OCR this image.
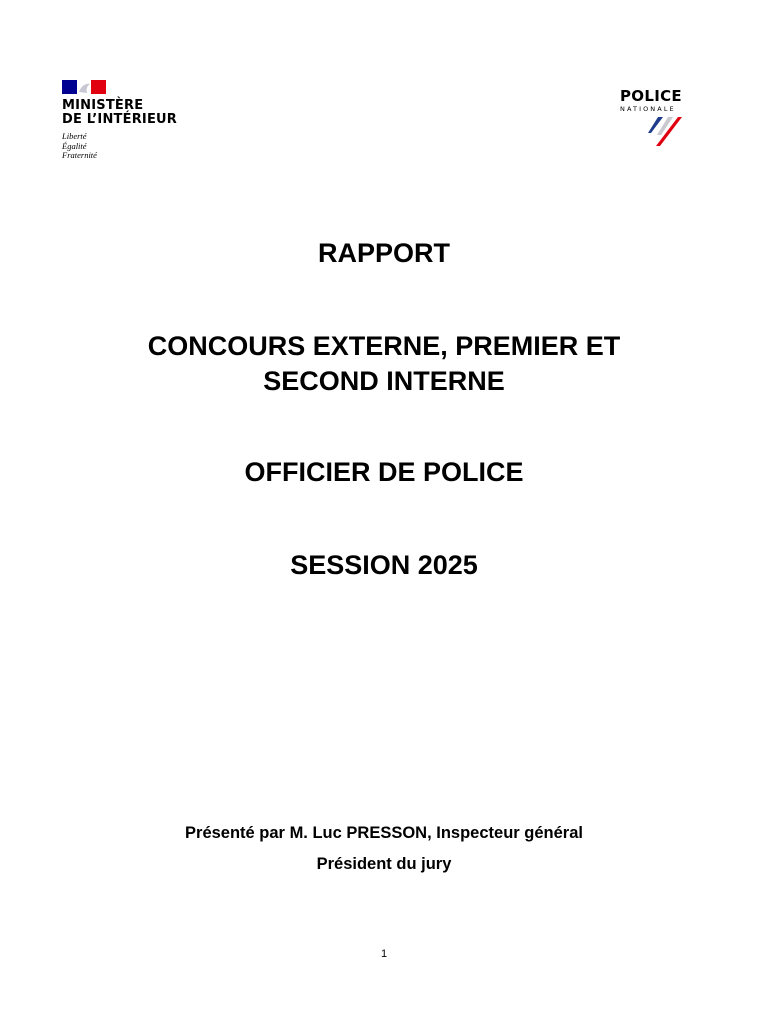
MINISTÈRE
DE L’INTÉRIEUR
Liberté
Égalité
Fraternité
POLICE
NATIONALE
RAPPORT
CONCOURS EXTERNE, PREMIER ET
SECOND INTERNE
OFFICIER DE POLICE
SESSION 2025
Présenté par M. Luc PRESSON, Inspecteur général
Président du jury
1
